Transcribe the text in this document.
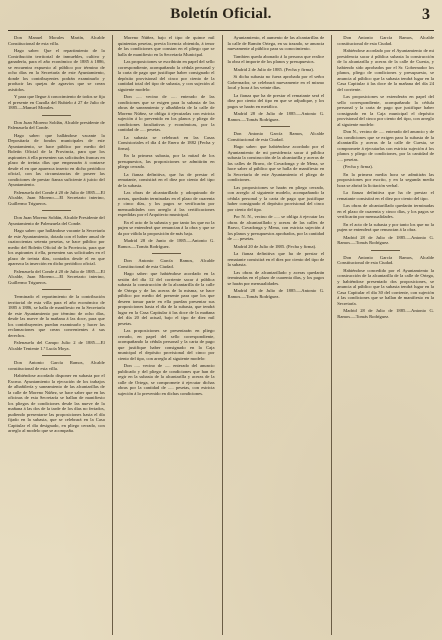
Boletín Oficial.	3

Don Manuel Morales Martín, Alcalde Constitucional de esta villa.

Hago saber: Que el repartimiento de la Contribución territorial de inmuebles, cultivo y ganadería, para el año económico de 1885 á 1886, se encuentra expuesto al público por término de ocho días en la Secretaría de este Ayuntamiento, donde los contribuyentes podrán examinarlo y producir las quejas de agravios que se crean asistidos.

Y para que llegue á conocimiento de todos se fija el presente en Cazalla del Rubielo á 27 de Julio de 1885.—Manuel Morales.

Don Juan Moreno Soldán, Alcalde presidente de Palenzuela del Conde.

Hago saber: que hallándose vacante la Depositaría de fondos municipales de este Ayuntamiento, se hace público por medio del Boletín Oficial de la Provincia, para que los aspirantes á ella presenten sus solicitudes francas en plazo de treinta días que empezarán á contarse desde el en que aparezca inserto en dicho periódico oficial, con las circunstancias de poseer las condiciones de prestar fianza suficiente á juicio del Ayuntamiento.

Palenzuela del Conde á 20 de Julio de 1885.—El Alcalde, Juan Moreno.—El Secretario interino, Guillermo Trigueros.

Don Juan Moreno Soldán, Alcalde Presidente del Ayuntamiento de Palenzuela del Conde.

Hago saber: que hallándose vacante la Secretaría de este Ayuntamiento, dotada con el haber anual de cuatrocientas setenta pesetas, se hace público por medio del Boletín Oficial de la Provincia, para que los aspirantes á ella, presenten sus solicitudes en el plazo de treinta días, contados desde el en que aparezca la inserción en dicho periódico oficial.

Palenzuela del Conde á 20 de Julio de 1885.—El Alcalde, Juan Moreno.—El Secretario interino, Guillermo Trigueros.

Terminado el repartimiento de la contribución territorial de esta villa para el año económico de 1885 á 1886, se halla de manifiesto en la Secretaría de este Ayuntamiento por término de ocho días, desde las nueve de la mañana á las doce, para que los contribuyentes puedan examinarlo y hacer las reclamaciones que crean convenientes á sus derechos.

Palenzuela del Campo Julio 2 de 1885.—El Alcalde Teniente 1.º Lucía Moya.

Don Antonio García Ramos, Alcalde constitucional de esta villa.

Habiéndose acordado disponer en subasta por el Excmo. Ayuntamiento la ejecución de los trabajos de albañilería y saneamiento de las alcantarillas de la calle de Moreno Núñez, se hace saber que en las oficinas de esta Secretaría se hallan de manifiesto los pliegos de condiciones desde las nueve de la mañana á las dos de la tarde de los días no feriados, pudiendo presentarse las proposiciones hasta el día fijado en la subasta, que se celebrará en la Casa Capitular el día designado, en pliego cerrado, con arreglo al modelo que se acompaña.

Moreno Núñez, bajo el tipo de quince mil quinientas pesetas, previa licencia obtenida, á tenor de las condiciones que constan en el pliego que se halla de manifiesto en la Secretaría Municipal.

Las proposiciones se escribirán en papel del sello correspondiente, acompañando la cédula personal y la carta de pago que justifique haber consignado el depósito provisional del cinco por ciento de la cantidad total del tipo de subasta, y con sujeción al siguiente modelo:

Don ..... vecino de ..... enterado de las condiciones que se exigen para la subasta de las obras de saneamiento y albañilería de la calle de Moreno Núñez, se obliga á ejecutarlas con estricta sujeción á lo prevenido en los planos y pliego de condiciones facultativas y económicas, por la cantidad de ..... pesetas.

La subasta se celebrará en las Casas Consistoriales el día 4 de Enero de 1882 (Fecha y firma).

En la primera subasta, por la mitad de los presupuestos, las proposiciones se admitirán en pliego cerrado.

La fianza definitiva, que ha de prestar el rematante, consistirá en el diez por ciento del tipo de la subasta.

Las obras de alcantarillado y adoquinado de aceras, quedarán terminadas en el plazo de cuarenta y cinco días, y los pagos se verificarán por mensualidades con arreglo á las certificaciones expedidas por el Arquitecto municipal.

En el acto de la subasta y por tanto los que no la pujen se entenderá que renuncian á la obra y que se da por válida la proposición de más baja.

Madrid 28 de Junio de 1885.—Antonio G. Ramos.—Tomás Rodríguez.

Don Antonio García Ramos, Alcalde Constitucional de esta Ciudad.

Hago saber: que habiéndose acordado en la sesión del día 12 del corriente sacar á pública subasta la construcción de la alcantarilla de la calle de Ortega y de las aceras de la misma, se hace público por medio del presente para que los que deseen tomar parte en ella puedan presentar sus proposiciones hasta el día de la subasta, que tendrá lugar en la Casa Capitular á las doce de la mañana del día 20 del actual, bajo el tipo de diez mil pesetas.

Las proposiciones se presentarán en pliego cerrado, en papel del sello correspondiente, acompañando la cédula personal y la carta de pago que justifique haber consignado en la Caja municipal el depósito provisional del cinco por ciento del tipo, con arreglo al siguiente modelo:

Don ..... vecino de ..... enterado del anuncio publicado y del pliego de condiciones que han de regir en la subasta de la alcantarilla y aceras de la calle de Ortega, se compromete á ejecutar dichas obras por la cantidad de ..... pesetas, con estricta sujeción á lo prevenido en dichas condiciones.

Ayuntamiento, el aumento de las alcantarillas de la calle de Ramón Ortega, en su trazado, se anuncia nuevamente al público para su conocimiento.

Tambien queda abonado á la persona que realice la obra el importe de los planos y presupuestos.

Madrid 2 de Julio de 1885. (Fecha y firma).

Si dicha subasta no fuera aprobada por el señor Gobernador, se celebrará nuevamente en el mismo local y hora á los veinte días.

La fianza que ha de prestar el rematante será el diez por ciento del tipo en que se adjudique, y los pagos se harán en metálico.

Madrid 28 de Julio de 1885.—Antonio G. Ramos.—Tomás Rodríguez.

Don Antonio García Ramos, Alcalde Constitucional de esta Ciudad.

Hago saber: que habiéndose acordado por el Ayuntamiento de mi presidencia sacar á pública subasta la construcción de la alcantarilla y aceras de las calles de Bravo, de Covadonga y de Mena, se hace saber al público que se halla de manifiesto en la Secretaría de este Ayuntamiento el pliego de condiciones.

Las proposiciones se harán en pliego cerrado, con arreglo al siguiente modelo, acompañando la cédula personal y la carta de pago que justifique haber consignado el depósito provisional del cinco por ciento del tipo.

Por N. N., vecino de ..... se obliga á ejecutar las obras de alcantarillado y aceras de las calles de Bravo, Covadonga y Mena, con estricta sujeción á los planos y presupuestos aprobados, por la cantidad de ..... pesetas.

Madrid 20 de Julio de 1885. (Fecha y firma).

La fianza definitiva que ha de prestar el rematante consistirá en el diez por ciento del tipo de la subasta.

Las obras de alcantarillado y aceras quedarán terminadas en el plazo de cuarenta días, y los pagos se harán por mensualidades.

Madrid 28 de Julio de 1885.—Antonio G. Ramos.—Tomás Rodríguez.

Don Antonio García Ramos, Alcalde constitucional de esta Ciudad.

Habiéndose acordado por el Ayuntamiento de mi presidencia sacar á pública subasta la construcción de la alcantarilla y aceras de la calle de Cuesta, y habiendo sido aprobados por el Sr. Gobernador los planos, pliego de condiciones y presupuesto, se anuncia al público que la subasta tendrá lugar en la Casa Capitular á las doce de la mañana del día 24 del corriente.

Las proposiciones se extenderán en papel del sello correspondiente, acompañando la cédula personal y la carta de pago que justifique haber consignado en la Caja municipal el depósito provisional del cinco por ciento del tipo, con arreglo al siguiente modelo:

Don N., vecino de ..... enterado del anuncio y de las condiciones que se exigen para la subasta de la alcantarilla y aceras de la calle de Cuesta, se compromete á ejecutarlas con estricta sujeción á los planos y pliego de condiciones, por la cantidad de ..... pesetas.

(Fecha y firma).

En la primera media hora se admitirán las proposiciones por escrito, y en la segunda media hora se abrirá la licitación verbal.

La fianza definitiva que ha de prestar el rematante consistirá en el diez por ciento del tipo.

Las obras de alcantarillado quedarán terminadas en el plazo de cuarenta y cinco días, y los pagos se verificarán por mensualidades.

En el acto de la subasta y por tanto los que no la pujen se entenderá que renuncian á la obra.

Madrid 28 de Julio de 1885.—Antonio G. Ramos.—Tomás Rodríguez.

Don Antonio García Ramos, Alcalde Constitucional de esta Ciudad.

Habiéndose concedido por el Ayuntamiento la construcción de la alcantarilla de la calle de Ortega, y habiéndose presentado dos proposiciones, se anuncia al público que la subasta tendrá lugar en la Casa Capitular el día 30 del corriente, con sujeción á las condiciones que se hallan de manifiesto en la Secretaría.

Madrid 28 de Julio de 1885.—Antonio G. Ramos.—Tomás Rodríguez.
